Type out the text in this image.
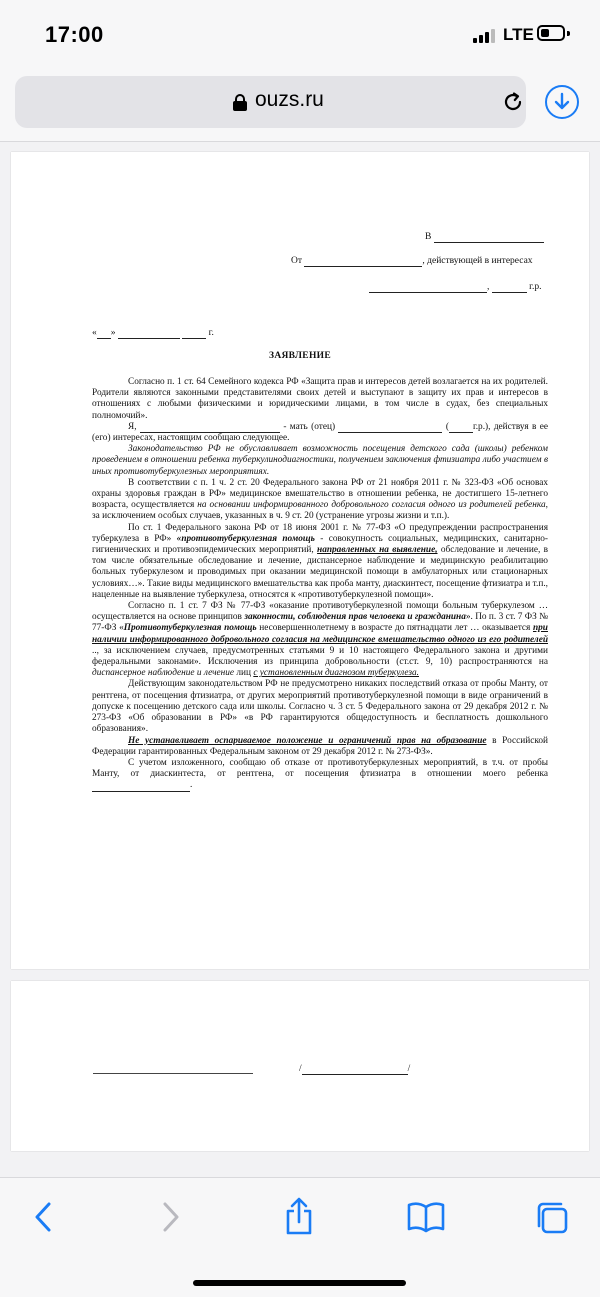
17:00	LTE
ouzs.ru
В
От	, действующей в интересах
,	г.р.
« »	г.
ЗАЯВЛЕНИЕ

Согласно п. 1 ст. 64 Семейного кодекса РФ «Защита прав и интересов детей возлагается на их родителей. Родители являются законными представителями своих детей и выступают в защиту их прав и интересов в отношениях с любыми физическими и юридическими лицами, в том числе в судах, без специальных полномочий».

Я,	- мать (отец)	(	г.р.), действуя в ее (его) интересах, настоящим сообщаю следующее.

Законодательство РФ не обуславливает возможность посещения детского сада (школы) ребенком проведением в отношении ребенка туберкулинодиагностики, получением заключения фтизиатра либо участием в иных противотуберкулезных мероприятиях.

В соответствии с п. 1 ч. 2 ст. 20 Федерального закона РФ от 21 ноября 2011 г. № 323-ФЗ «Об основах охраны здоровья граждан в РФ» медицинское вмешательство в отношении ребенка, не достигшего 15-летнего возраста, осуществляется на основании информированного добровольного согласия одного из родителей ребенка, за исключением особых случаев, указанных в ч. 9 ст. 20 (устранение угрозы жизни и т.п.).

По ст. 1 Федерального закона РФ от 18 июня 2001 г. № 77-ФЗ «О предупреждении распространения туберкулеза в РФ» «противотуберкулезная помощь - совокупность социальных, медицинских, санитарно-гигиенических и противоэпидемических мероприятий, направленных на выявление, обследование и лечение, в том числе обязательные обследование и лечение, диспансерное наблюдение и медицинскую реабилитацию больных туберкулезом и проводимых при оказании медицинской помощи в амбулаторных или стационарных условиях…». Такие виды медицинского вмешательства как проба манту, диаскинтест, посещение фтизиатра и т.п., нацеленные на выявление туберкулеза, относятся к «противотуберкулезной помощи».

Согласно п. 1 ст. 7 ФЗ № 77-ФЗ «оказание противотуберкулезной помощи больным туберкулезом … осуществляется на основе принципов законности, соблюдения прав человека и гражданина». По п. 3 ст. 7 ФЗ № 77-ФЗ «Противотуберкулезная помощь несовершеннолетнему в возрасте до пятнадцати лет … оказывается при наличии информированного добровольного согласия на медицинское вмешательство одного из его родителей .., за исключением случаев, предусмотренных статьями 9 и 10 настоящего Федерального закона и другими федеральными законами». Исключения из принципа добровольности (ст.ст. 9, 10) распространяются на диспансерное наблюдение и лечение лиц с установленным диагнозом туберкулеза.

Действующим законодательством РФ не предусмотрено никаких последствий отказа от пробы Манту, от рентгена, от посещения фтизиатра, от других мероприятий противотуберкулезной помощи в виде ограничений в допуске к посещению детского сада или школы. Согласно ч. 3 ст. 5 Федерального закона от 29 декабря 2012 г. № 273-ФЗ «Об образовании в РФ» «в РФ гарантируются общедоступность и бесплатность дошкольного образования».

Не устанавливает оспариваемое положение и ограничений прав на образование в Российской Федерации гарантированных Федеральным законом от 29 декабря 2012 г. № 273-ФЗ».

С учетом изложенного, сообщаю об отказе от противотуберкулезных мероприятий, в т.ч. от пробы Манту, от диаскинтеста, от рентгена, от посещения фтизиатра в отношении моего ребенка .

/	/
